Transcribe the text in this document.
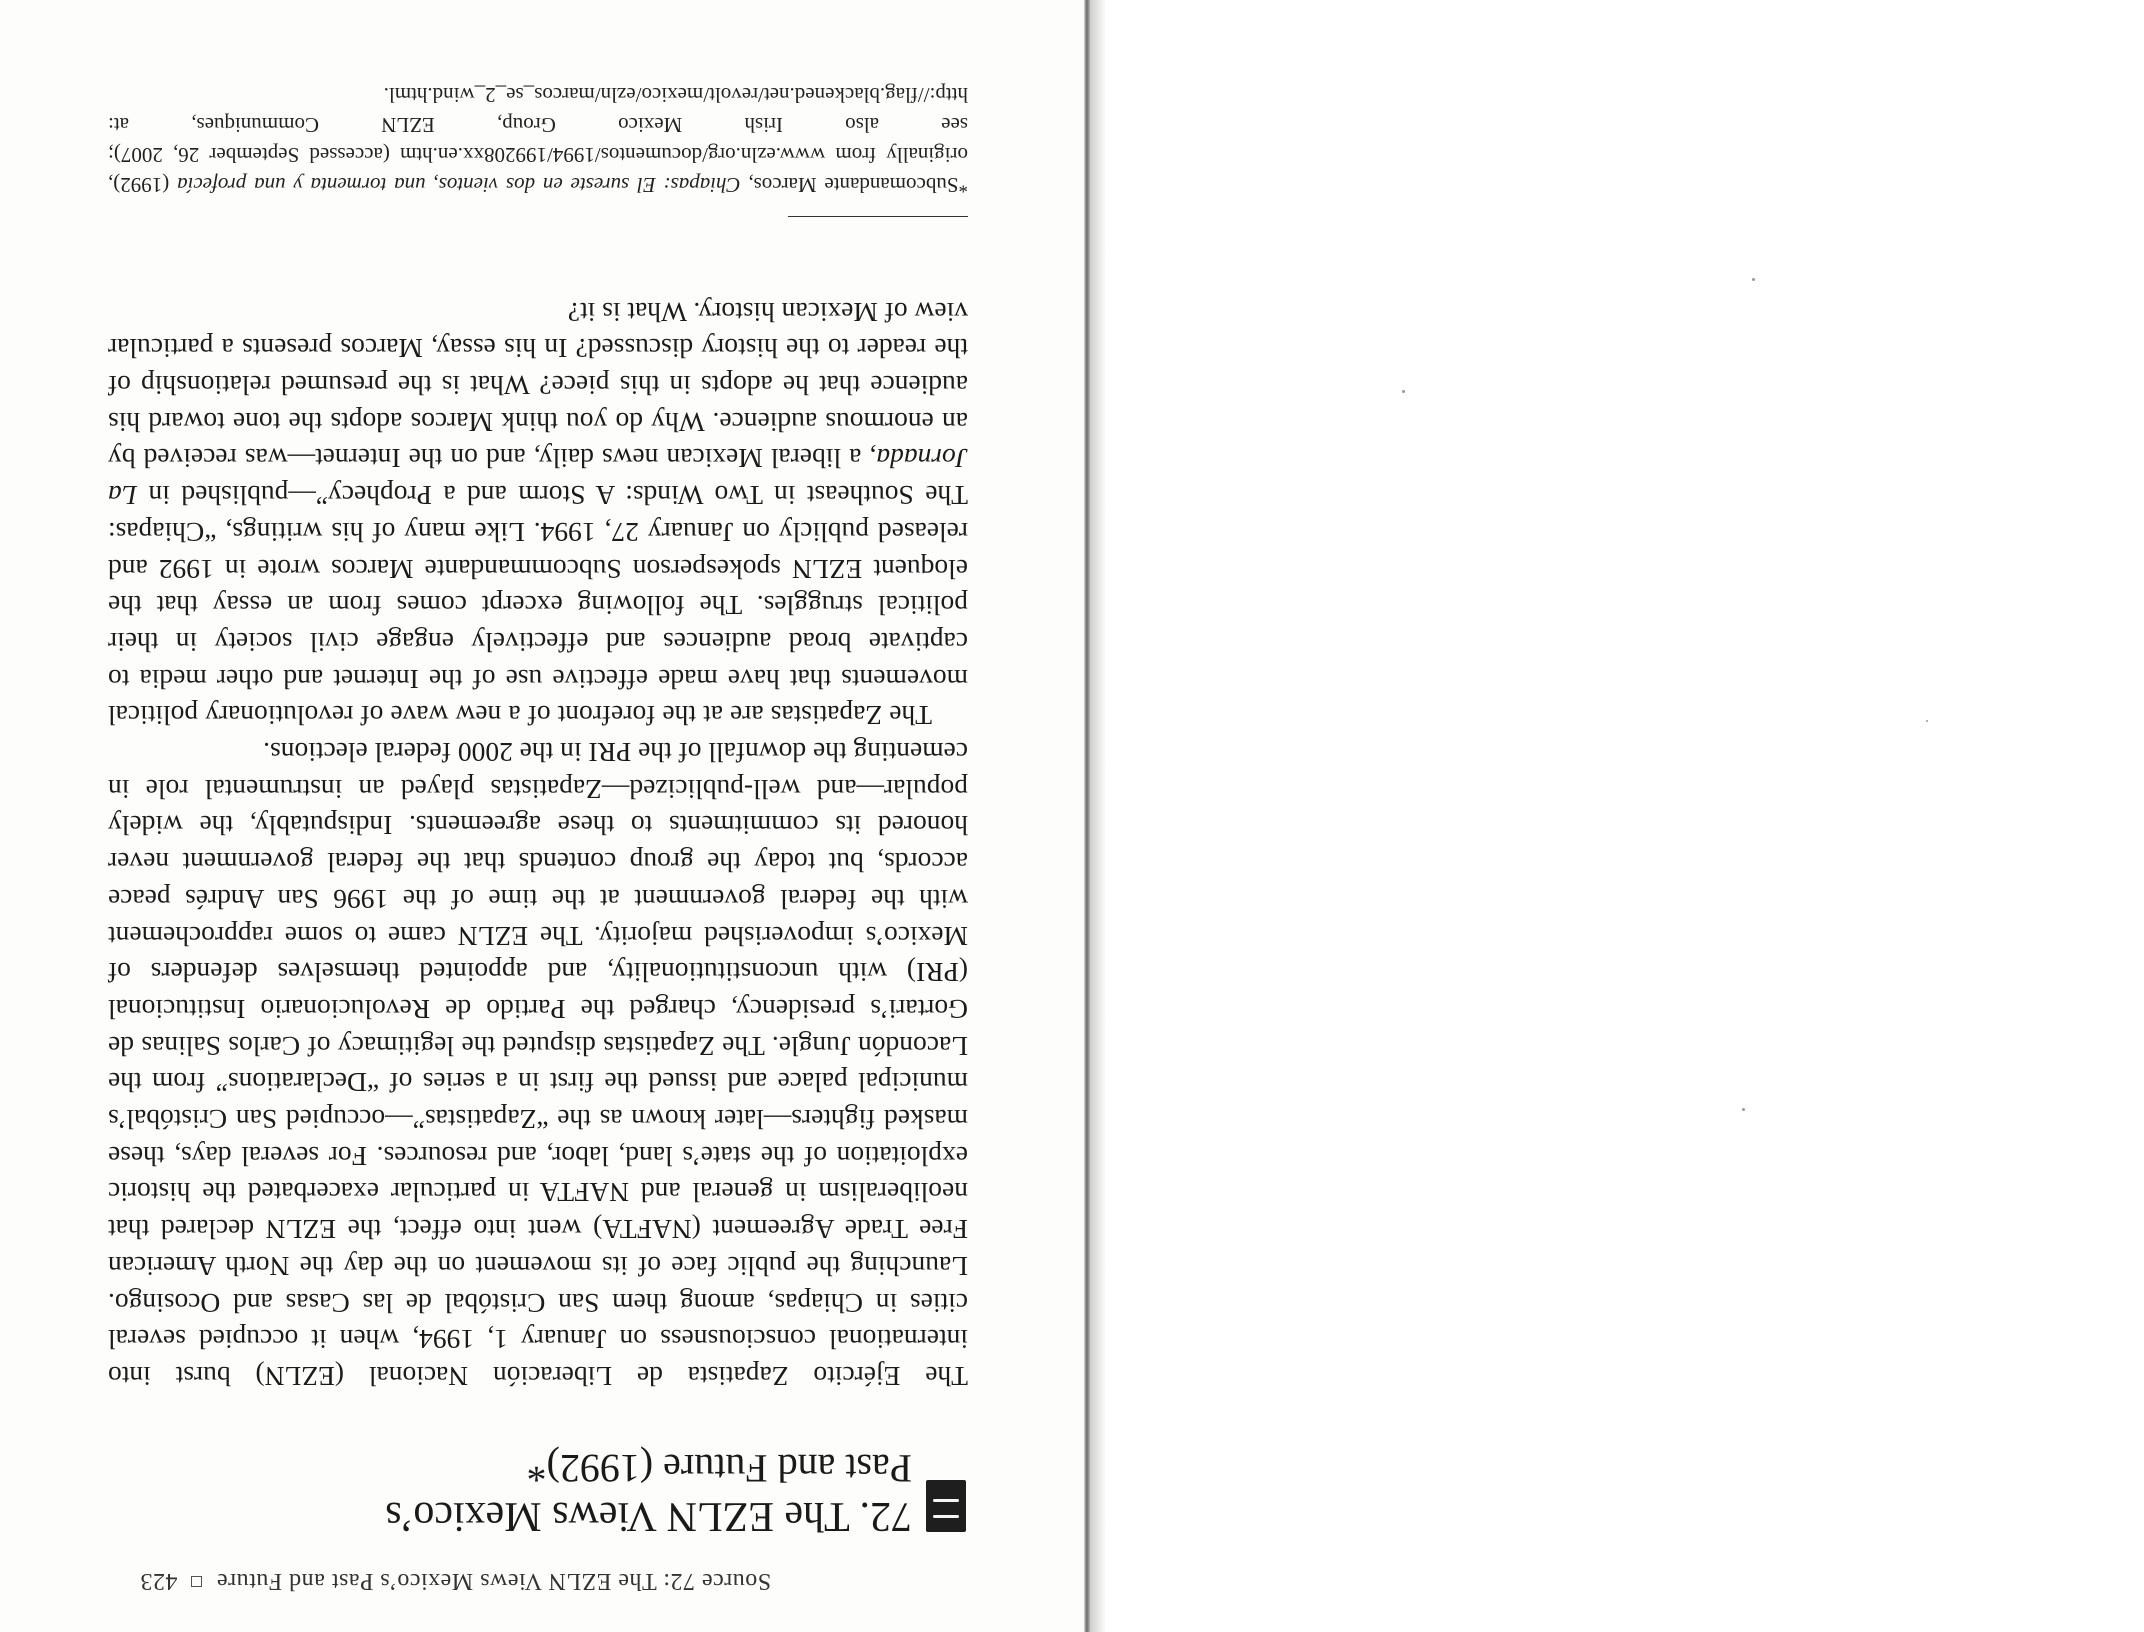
Source 72: The EZLN Views Mexico’s Past and Future423
72. The EZLN Views Mexico’s
Past and Future (1992)*

The Ejército Zapatista de Liberación Nacional (EZLN) burst into international consciousness on January 1, 1994, when it occupied several cities in Chiapas, among them San Cristóbal de las Casas and Ocosingo. Launching the public face of its movement on the day the North American Free Trade Agreement (NAFTA) went into effect, the EZLN declared that neoliberalism in general and NAFTA in particular exacerbated the historic exploitation of the state’s land, labor, and resources. For several days, these masked fighters—later known as the “Zapatistas”—occupied San Cristóbal’s municipal palace and issued the first in a series of “Declarations” from the Lacondón Jungle. The Zapatistas disputed the legitimacy of Carlos Salinas de Gortari’s presidency, charged the Partido de Revolucionario Institucional (PRI) with unconstitutionality, and appointed themselves defenders of Mexico’s impoverished majority. The EZLN came to some rapprochement with the federal government at the time of the 1996 San Andrés peace accords, but today the group contends that the federal government never honored its commitments to these agreements. Indisputably, the widely popular—and well-publicized—Zapatistas played an instrumental role in cementing the downfall of the PRI in the 2000 federal elections.

The Zapatistas are at the forefront of a new wave of revolutionary political movements that have made effective use of the Internet and other media to captivate broad audiences and effectively engage civil society in their political struggles. The following excerpt comes from an essay that the eloquent EZLN spokesperson Subcommandante Marcos wrote in 1992 and released publicly on January 27, 1994. Like many of his writings, “Chiapas: The Southeast in Two Winds: A Storm and a Prophecy”—published in La Jornada, a liberal Mexican news daily, and on the Internet—was received by an enormous audience. Why do you think Marcos adopts the tone toward his audience that he adopts in this piece? What is the presumed relationship of the reader to the history discussed? In his essay, Marcos presents a particular view of Mexican history. What is it?

*Subcomandante Marcos, Chiapas: El sureste en dos vientos, una tormenta y una profecía (1992), originally from www.ezln.org/documentos/1994/199208xx.en.htm (accessed September 26, 2007); see also Irish Mexico Group, EZLN Communiques, at: http://flag.blackened.net/revolt/mexico/ezln/marcos_se_2_wind.html.
